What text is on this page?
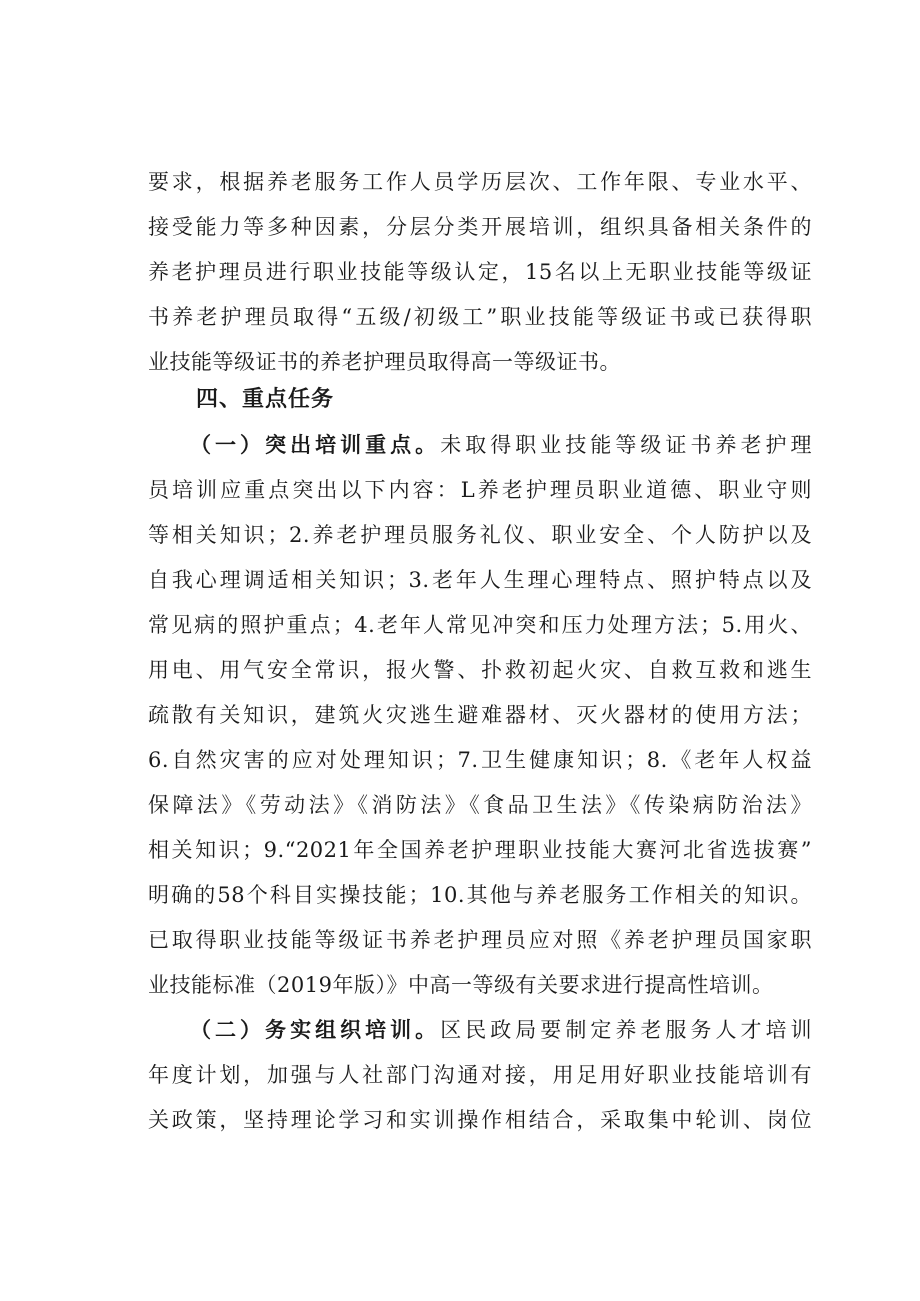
要求，根据养老服务工作人员学历层次、工作年限、专业水平、
接受能力等多种因素，分层分类开展培训，组织具备相关条件的
养老护理员进行职业技能等级认定，15名以上无职业技能等级证
书养老护理员取得“五级/初级工”职业技能等级证书或已获得职
业技能等级证书的养老护理员取得高一等级证书。
四、重点任务
（一）突出培训重点。未取得职业技能等级证书养老护理
员培训应重点突出以下内容：L养老护理员职业道德、职业守则
等相关知识；2.养老护理员服务礼仪、职业安全、个人防护以及
自我心理调适相关知识；3.老年人生理心理特点、照护特点以及
常见病的照护重点；4.老年人常见冲突和压力处理方法；5.用火、
用电、用气安全常识，报火警、扑救初起火灾、自救互救和逃生
疏散有关知识，建筑火灾逃生避难器材、灭火器材的使用方法；
6.自然灾害的应对处理知识；7.卫生健康知识；8.《老年人权益
保障法》《劳动法》《消防法》《食品卫生法》《传染病防治法》
相关知识；9.“2021年全国养老护理职业技能大赛河北省选拔赛”
明确的58个科目实操技能；10.其他与养老服务工作相关的知识。
已取得职业技能等级证书养老护理员应对照《养老护理员国家职
业技能标准（2019年版）》中高一等级有关要求进行提高性培训。
（二）务实组织培训。区民政局要制定养老服务人才培训
年度计划，加强与人社部门沟通对接，用足用好职业技能培训有
关政策，坚持理论学习和实训操作相结合，采取集中轮训、岗位
